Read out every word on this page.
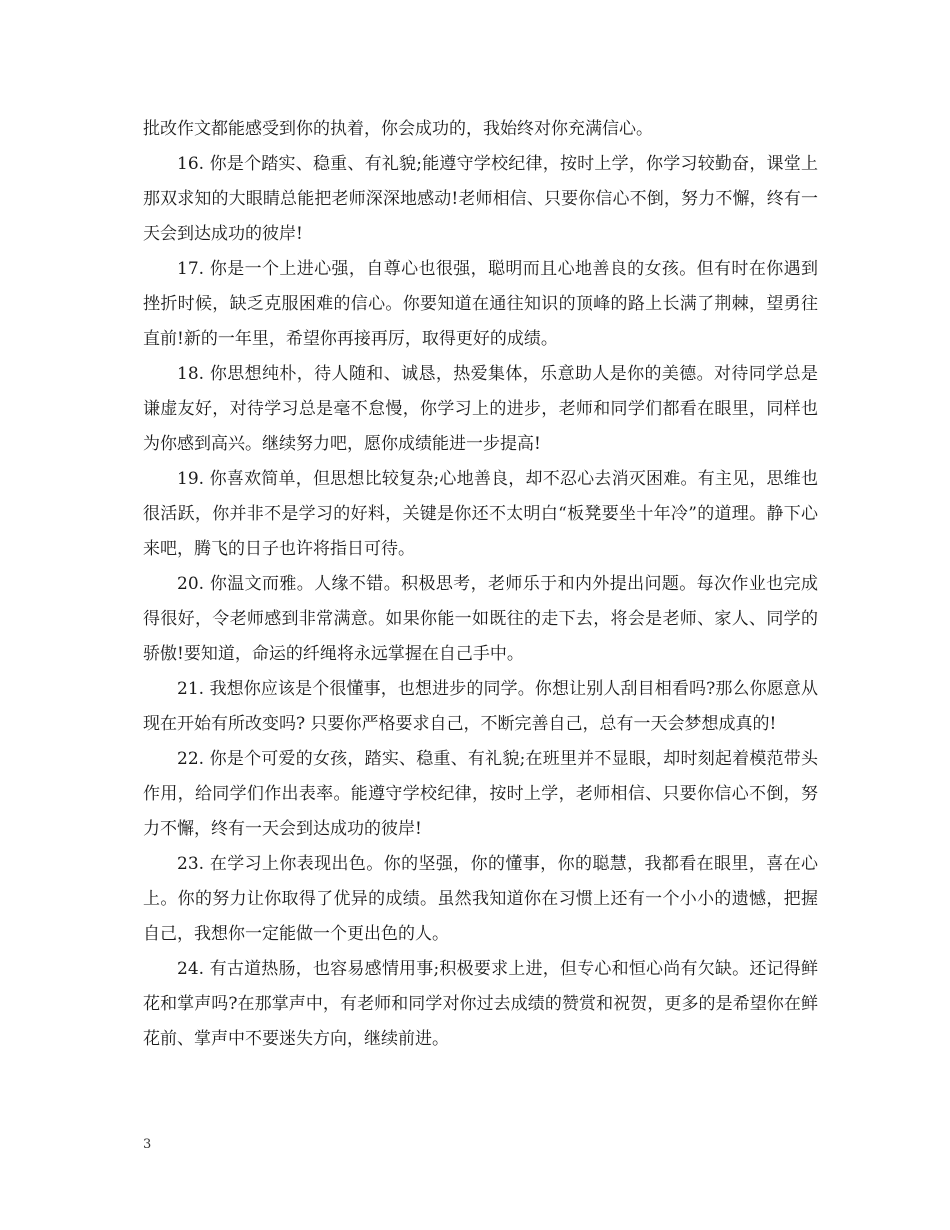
批改作文都能感受到你的执着，你会成功的，我始终对你充满信心。

16. 你是个踏实、稳重、有礼貌;能遵守学校纪律，按时上学，你学习较勤奋，课堂上那双求知的大眼睛总能把老师深深地感动!老师相信、只要你信心不倒，努力不懈，终有一天会到达成功的彼岸!

17. 你是一个上进心强，自尊心也很强，聪明而且心地善良的女孩。但有时在你遇到挫折时候，缺乏克服困难的信心。你要知道在通往知识的顶峰的路上长满了荆棘，望勇往直前!新的一年里，希望你再接再厉，取得更好的成绩。

18. 你思想纯朴，待人随和、诚恳，热爱集体，乐意助人是你的美德。对待同学总是谦虚友好，对待学习总是毫不怠慢，你学习上的进步，老师和同学们都看在眼里，同样也为你感到高兴。继续努力吧，愿你成绩能进一步提高!

19. 你喜欢简单，但思想比较复杂;心地善良，却不忍心去消灭困难。有主见，思维也很活跃，你并非不是学习的好料，关键是你还不太明白“板凳要坐十年冷”的道理。静下心来吧，腾飞的日子也许将指日可待。

20. 你温文而雅。人缘不错。积极思考，老师乐于和内外提出问题。每次作业也完成得很好，令老师感到非常满意。如果你能一如既往的走下去，将会是老师、家人、同学的骄傲!要知道，命运的纤绳将永远掌握在自己手中。

21. 我想你应该是个很懂事，也想进步的同学。你想让别人刮目相看吗?那么你愿意从现在开始有所改变吗? 只要你严格要求自己，不断完善自己，总有一天会梦想成真的!

22. 你是个可爱的女孩，踏实、稳重、有礼貌;在班里并不显眼，却时刻起着模范带头作用，给同学们作出表率。能遵守学校纪律，按时上学，老师相信、只要你信心不倒，努力不懈，终有一天会到达成功的彼岸!

23. 在学习上你表现出色。你的坚强，你的懂事，你的聪慧，我都看在眼里，喜在心上。你的努力让你取得了优异的成绩。虽然我知道你在习惯上还有一个小小的遗憾，把握自己，我想你一定能做一个更出色的人。

24. 有古道热肠，也容易感情用事;积极要求上进，但专心和恒心尚有欠缺。还记得鲜花和掌声吗?在那掌声中，有老师和同学对你过去成绩的赞赏和祝贺，更多的是希望你在鲜花前、掌声中不要迷失方向，继续前进。

3
